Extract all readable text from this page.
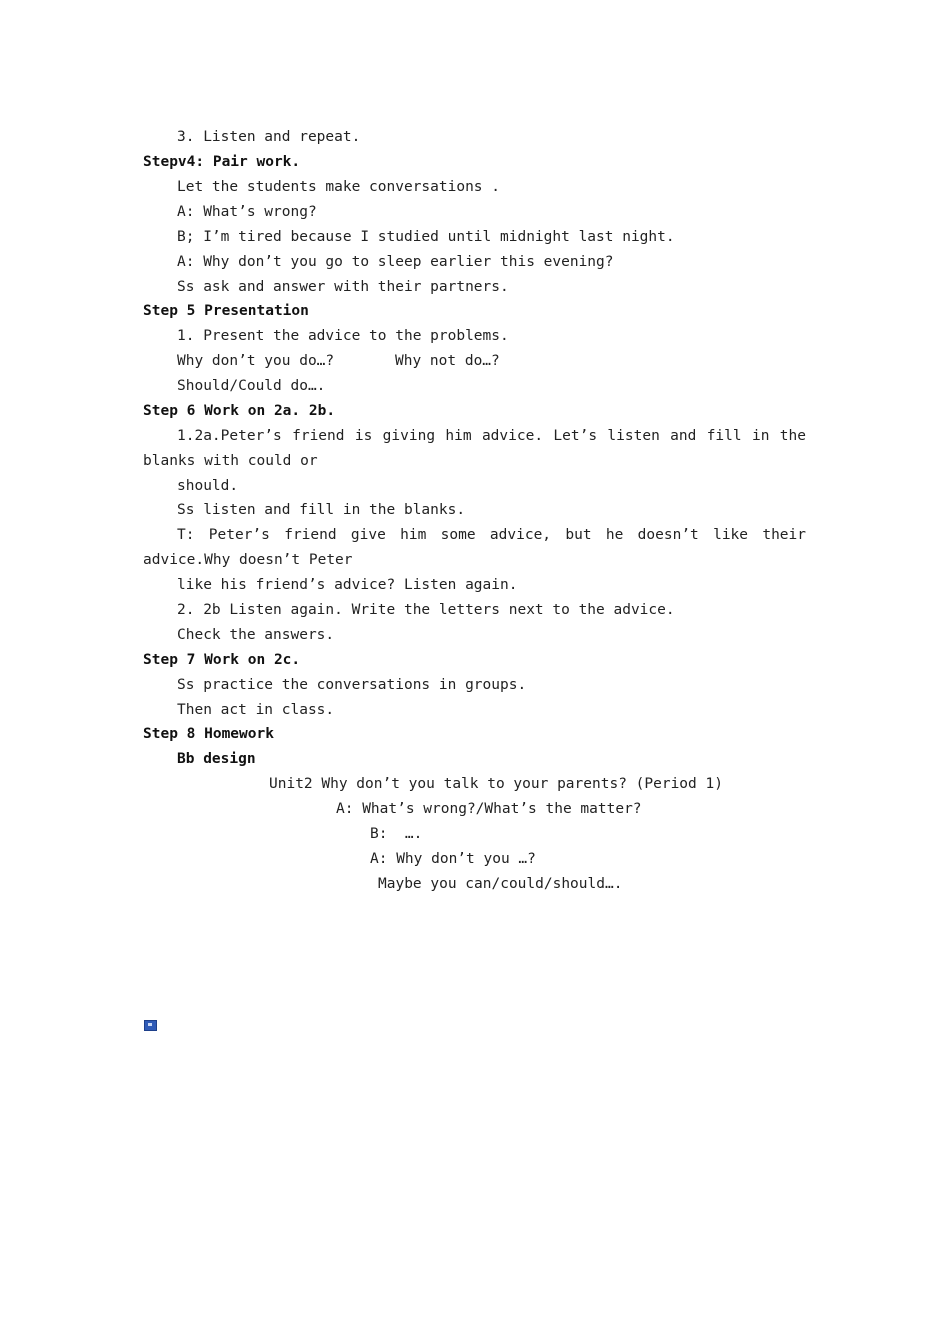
3. Listen and repeat.
Stepv4: Pair work.
Let the students make conversations .
A: What’s wrong?
B; I’m tired because I studied until midnight last night.
A: Why don’t you go to sleep earlier this evening?
Ss ask and answer with their partners.
Step 5 Presentation
1. Present the advice to the problems.
Why don’t you do…?	Why not do…?
Should/Could do….
Step 6 Work on 2a. 2b.
1.2a.Peter’s friend is giving him advice. Let’s listen and fill in the
blanks with could or
should.
Ss listen and fill in the blanks.
T: Peter’s friend give him some advice, but he doesn’t like their
advice.Why doesn’t Peter
like his friend’s advice? Listen again.
2. 2b Listen again. Write the letters next to the advice.
Check the answers.
Step 7 Work on 2c.
Ss practice the conversations in groups.
Then act in class.
Step 8 Homework
Bb design
Unit2 Why don’t you talk to your parents? (Period 1)
A: What’s wrong?/What’s the matter?
B:  ….
A: Why don’t you …?
Maybe you can/could/should….
